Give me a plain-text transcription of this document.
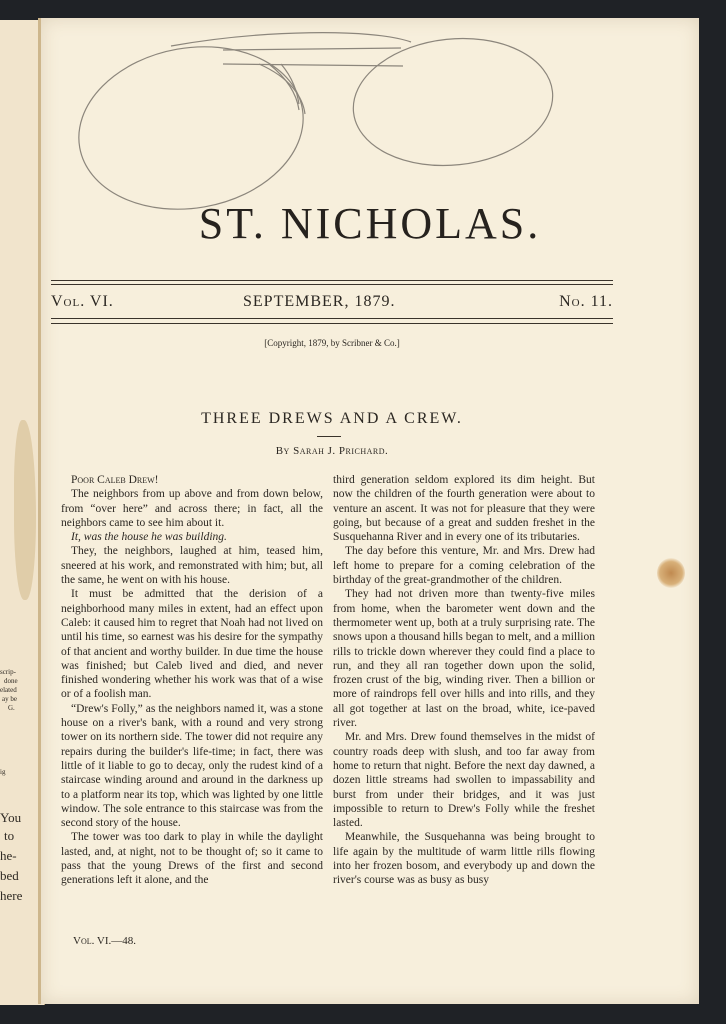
scrip-
done
elated
ay be
G.
ig
You
to
he-
bed
here
ST. NICHOLAS.
Vol. VI.	SEPTEMBER, 1879.	No. 11.
[Copyright, 1879, by Scribner & Co.]
THREE DREWS AND A CREW.
By Sarah J. Prichard.

Poor Caleb Drew!

The neighbors from up above and from down below, from “over here” and across there; in fact, all the neighbors came to see him about it.

It, was the house he was building.

They, the neighbors, laughed at him, teased him, sneered at his work, and remonstrated with him; but, all the same, he went on with his house.

It must be admitted that the derision of a neighborhood many miles in extent, had an effect upon Caleb: it caused him to regret that Noah had not lived on until his time, so earnest was his desire for the sympathy of that ancient and worthy builder. In due time the house was finished; but Caleb lived and died, and never finished wondering whether his work was that of a wise or of a foolish man.

“Drew's Folly,” as the neighbors named it, was a stone house on a river's bank, with a round and very strong tower on its northern side. The tower did not require any repairs during the builder's life-time; in fact, there was little of it liable to go to decay, only the rudest kind of a staircase winding around and around in the darkness up to a platform near its top, which was lighted by one little window. The sole entrance to this staircase was from the second story of the house.

The tower was too dark to play in while the daylight lasted, and, at night, not to be thought of; so it came to pass that the young Drews of the first and second generations left it alone, and the

third generation seldom explored its dim height. But now the children of the fourth generation were about to venture an ascent. It was not for pleasure that they were going, but because of a great and sudden freshet in the Susquehanna River and in every one of its tributaries.

The day before this venture, Mr. and Mrs. Drew had left home to prepare for a coming celebration of the birthday of the great-grandmother of the children.

They had not driven more than twenty-five miles from home, when the barometer went down and the thermometer went up, both at a truly surprising rate. The snows upon a thousand hills began to melt, and a million rills to trickle down wherever they could find a place to run, and they all ran together down upon the solid, frozen crust of the big, winding river. Then a billion or more of raindrops fell over hills and into rills, and they all got together at last on the broad, white, ice-paved river.

Mr. and Mrs. Drew found themselves in the midst of country roads deep with slush, and too far away from home to return that night. Before the next day dawned, a dozen little streams had swollen to impassability and burst from under their bridges, and it was just impossible to return to Drew's Folly while the freshet lasted.

Meanwhile, the Susquehanna was being brought to life again by the multitude of warm little rills flowing into her frozen bosom, and everybody up and down the river's course was as busy as busy

Vol. VI.—48.
